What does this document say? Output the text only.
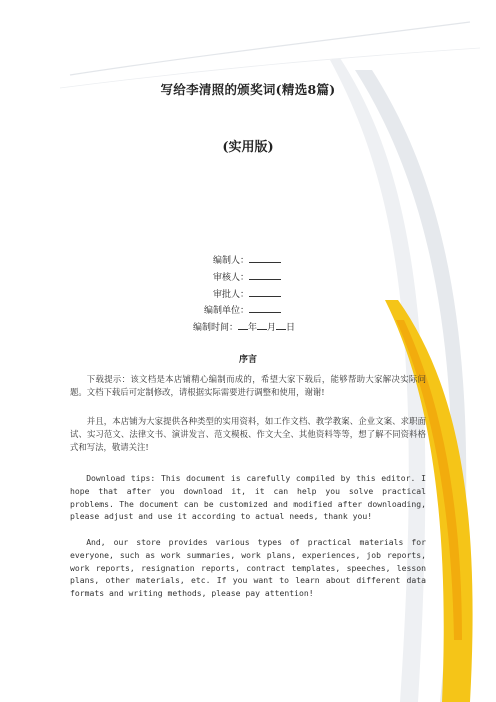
写给李清照的颁奖词(精选8篇)
(实用版)
编制人：
审核人：
审批人：
编制单位：
编制时间： 年 月 日
序言

下载提示：该文档是本店铺精心编制而成的，希望大家下载后，能够帮助大家解决实际问题。文档下载后可定制修改，请根据实际需要进行调整和使用，谢谢!

并且，本店铺为大家提供各种类型的实用资料，如工作文档、教学教案、企业文案、求职面试、实习范文、法律文书、演讲发言、范文模板、作文大全、其他资料等等，想了解不同资料格式和写法，敬请关注!

Download tips: This document is carefully compiled by this editor. I hope that after you download it, it can help you solve practical problems. The document can be customized and modified after downloading, please adjust and use it according to actual needs, thank you!

And, our store provides various types of practical materials for everyone, such as work summaries, work plans, experiences, job reports, work reports, resignation reports, contract templates, speeches, lesson plans, other materials, etc. If you want to learn about different data formats and writing methods, please pay attention!
